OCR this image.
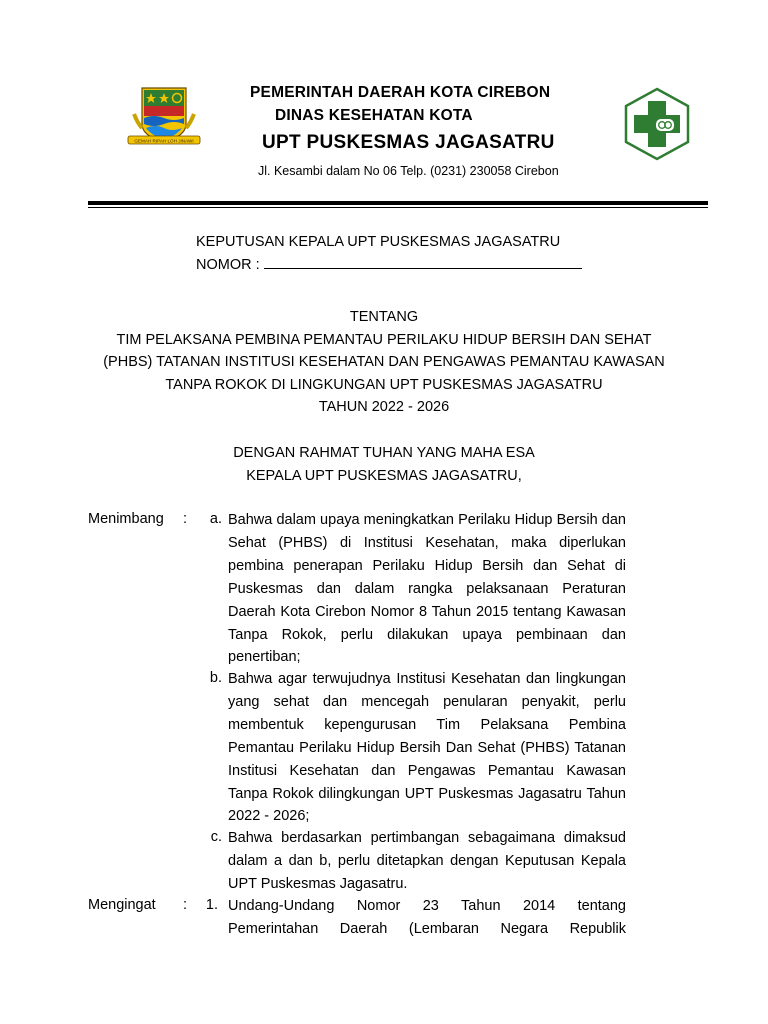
GEMAH RIPAH LOH JINAWI
PEMERINTAH DAERAH KOTA CIREBON
DINAS KESEHATAN KOTA
UPT PUSKESMAS JAGASATRU
Jl. Kesambi dalam No 06 Telp. (0231) 230058 Cirebon
KEPUTUSAN KEPALA UPT PUSKESMAS JAGASATRU
NOMOR :
TENTANG
TIM PELAKSANA PEMBINA PEMANTAU PERILAKU HIDUP BERSIH DAN SEHAT
(PHBS) TATANAN INSTITUSI KESEHATAN DAN PENGAWAS PEMANTAU KAWASAN
TANPA ROKOK DI LINGKUNGAN UPT PUSKESMAS JAGASATRU
TAHUN 2022 - 2026
DENGAN RAHMAT TUHAN YANG MAHA ESA
KEPALA UPT PUSKESMAS JAGASATRU,
Menimbang :	a. Bahwa dalam upaya meningkatkan Perilaku Hidup Bersih dan Sehat (PHBS) di Institusi Kesehatan, maka diperlukan pembina penerapan Perilaku Hidup Bersih dan Sehat di Puskesmas dan dalam rangka pelaksanaan Peraturan Daerah Kota Cirebon Nomor 8 Tahun 2015 tentang Kawasan Tanpa Rokok, perlu dilakukan upaya pembinaan dan penertiban;
b. Bahwa agar terwujudnya Institusi Kesehatan dan lingkungan yang sehat dan mencegah penularan penyakit, perlu membentuk kepengurusan Tim Pelaksana Pembina Pemantau Perilaku Hidup Bersih Dan Sehat (PHBS) Tatanan Institusi Kesehatan dan Pengawas Pemantau Kawasan Tanpa Rokok dilingkungan UPT Puskesmas Jagasatru Tahun 2022 - 2026;
c. Bahwa berdasarkan pertimbangan sebagaimana dimaksud dalam a dan b, perlu ditetapkan dengan Keputusan Kepala UPT Puskesmas Jagasatru.
Mengingat :	1. Undang-Undang Nomor 23 Tahun 2014 tentang Pemerintahan Daerah (Lembaran Negara Republik
